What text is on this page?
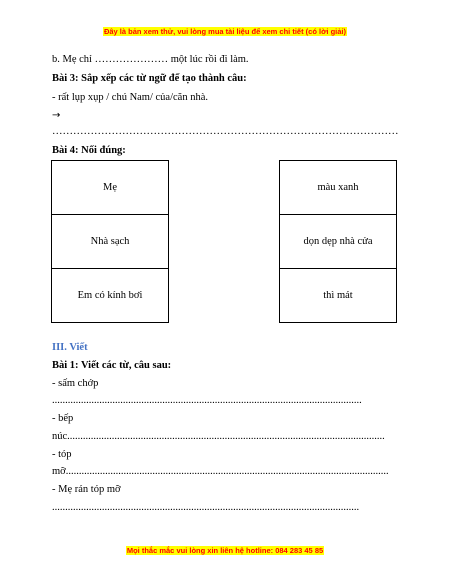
Đây là bản xem thử, vui lòng mua tài liệu để xem chi tiết (có lời giải)
b. Mẹ chỉ ………………… một lúc rồi đi làm.
Bài 3: Sắp xếp các từ ngữ để tạo thành câu:
- rất lụp xụp / chú Nam/ của/căn nhà.
→
………………………………………………………………………………………
Bài 4: Nối đúng:
Mẹ
Nhà sạch
Em có kính bơi
màu xanh
dọn dẹp nhà cửa
thì mát
III. Viết
Bài 1: Viết các từ, câu sau:
- sấm chớp
......................................................................................................................
- bếp
núc.........................................................................................................................
- tóp
mỡ...........................................................................................................................
- Mẹ rán tóp mỡ
.....................................................................................................................
Mọi thắc mắc vui lòng xin liên hệ hotline: 084 283 45 85
